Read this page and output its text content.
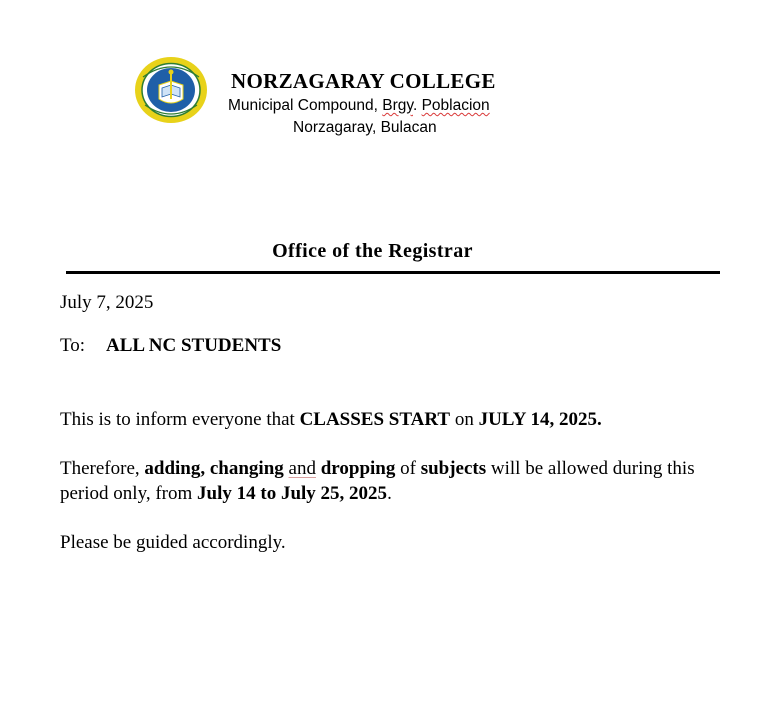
NORZAGARAY COLLEGE
Municipal Compound, Brgy. Poblacion
Norzagaray, Bulacan
Office of the Registrar
July 7, 2025
To: ALL NC STUDENTS
This is to inform everyone that CLASSES START on JULY 14, 2025.
Therefore, adding, changing and dropping of subjects will be allowed during this period only, from July 14 to July 25, 2025.
Please be guided accordingly.
